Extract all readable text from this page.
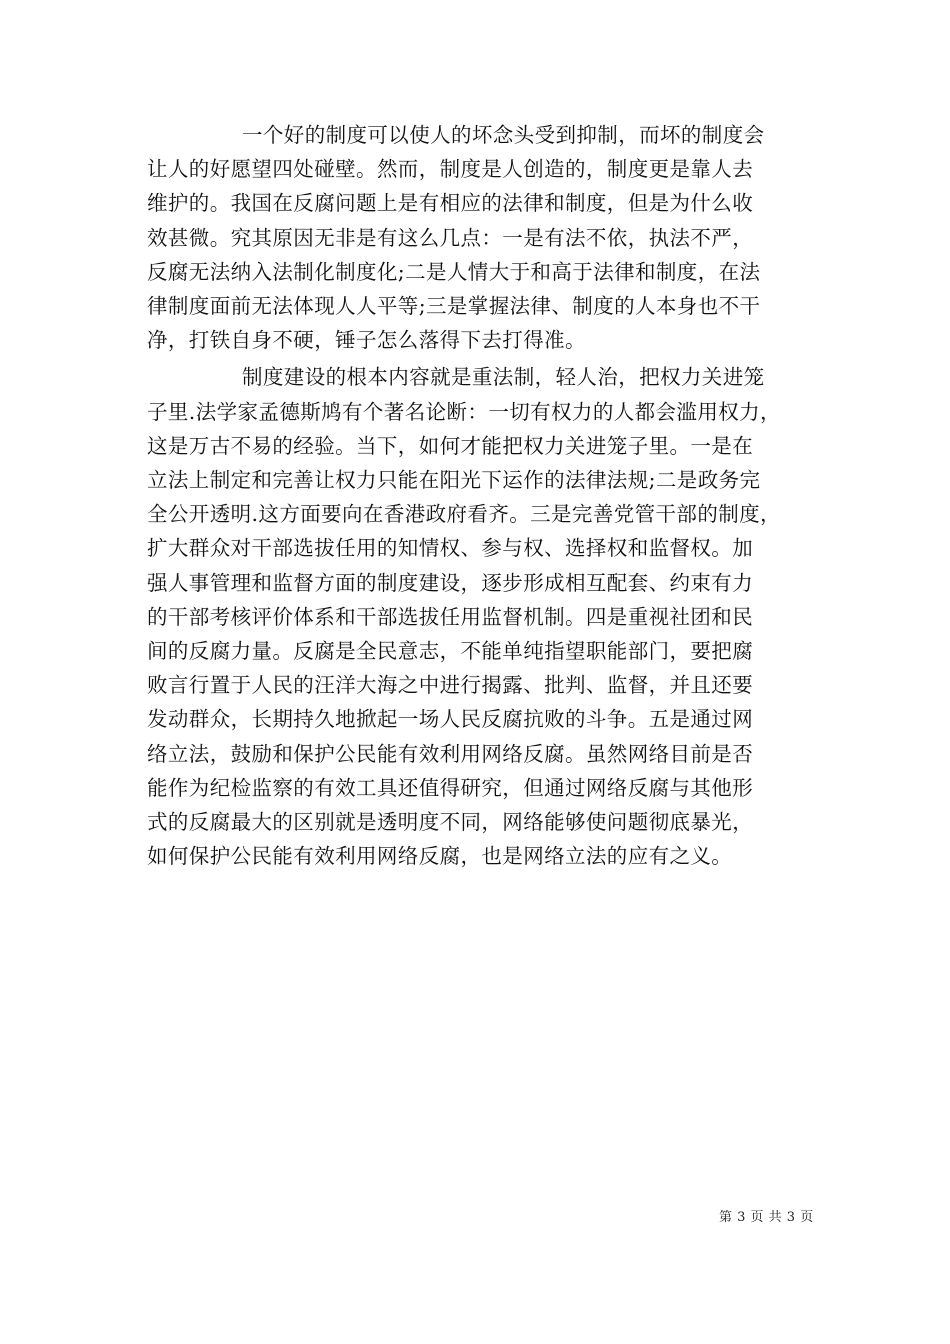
一个好的制度可以使人的坏念头受到抑制，而坏的制度会
让人的好愿望四处碰壁。然而，制度是人创造的，制度更是靠人去
维护的。我国在反腐问题上是有相应的法律和制度，但是为什么收
效甚微。究其原因无非是有这么几点：一是有法不依，执法不严，
反腐无法纳入法制化制度化;二是人情大于和高于法律和制度，在法
律制度面前无法体现人人平等;三是掌握法律、制度的人本身也不干
净，打铁自身不硬，锤子怎么落得下去打得准。

制度建设的根本内容就是重法制，轻人治，把权力关进笼
子里.法学家孟德斯鸠有个著名论断：一切有权力的人都会滥用权力，
这是万古不易的经验。当下，如何才能把权力关进笼子里。一是在
立法上制定和完善让权力只能在阳光下运作的法律法规;二是政务完
全公开透明.这方面要向在香港政府看齐。三是完善党管干部的制度，
扩大群众对干部选拔任用的知情权、参与权、选择权和监督权。加
强人事管理和监督方面的制度建设，逐步形成相互配套、约束有力
的干部考核评价体系和干部选拔任用监督机制。四是重视社团和民
间的反腐力量。反腐是全民意志，不能单纯指望职能部门，要把腐
败言行置于人民的汪洋大海之中进行揭露、批判、监督，并且还要
发动群众，长期持久地掀起一场人民反腐抗败的斗争。五是通过网
络立法，鼓励和保护公民能有效利用网络反腐。虽然网络目前是否
能作为纪检监察的有效工具还值得研究，但通过网络反腐与其他形
式的反腐最大的区别就是透明度不同，网络能够使问题彻底暴光，
如何保护公民能有效利用网络反腐，也是网络立法的应有之义。

第 3 页 共 3 页
